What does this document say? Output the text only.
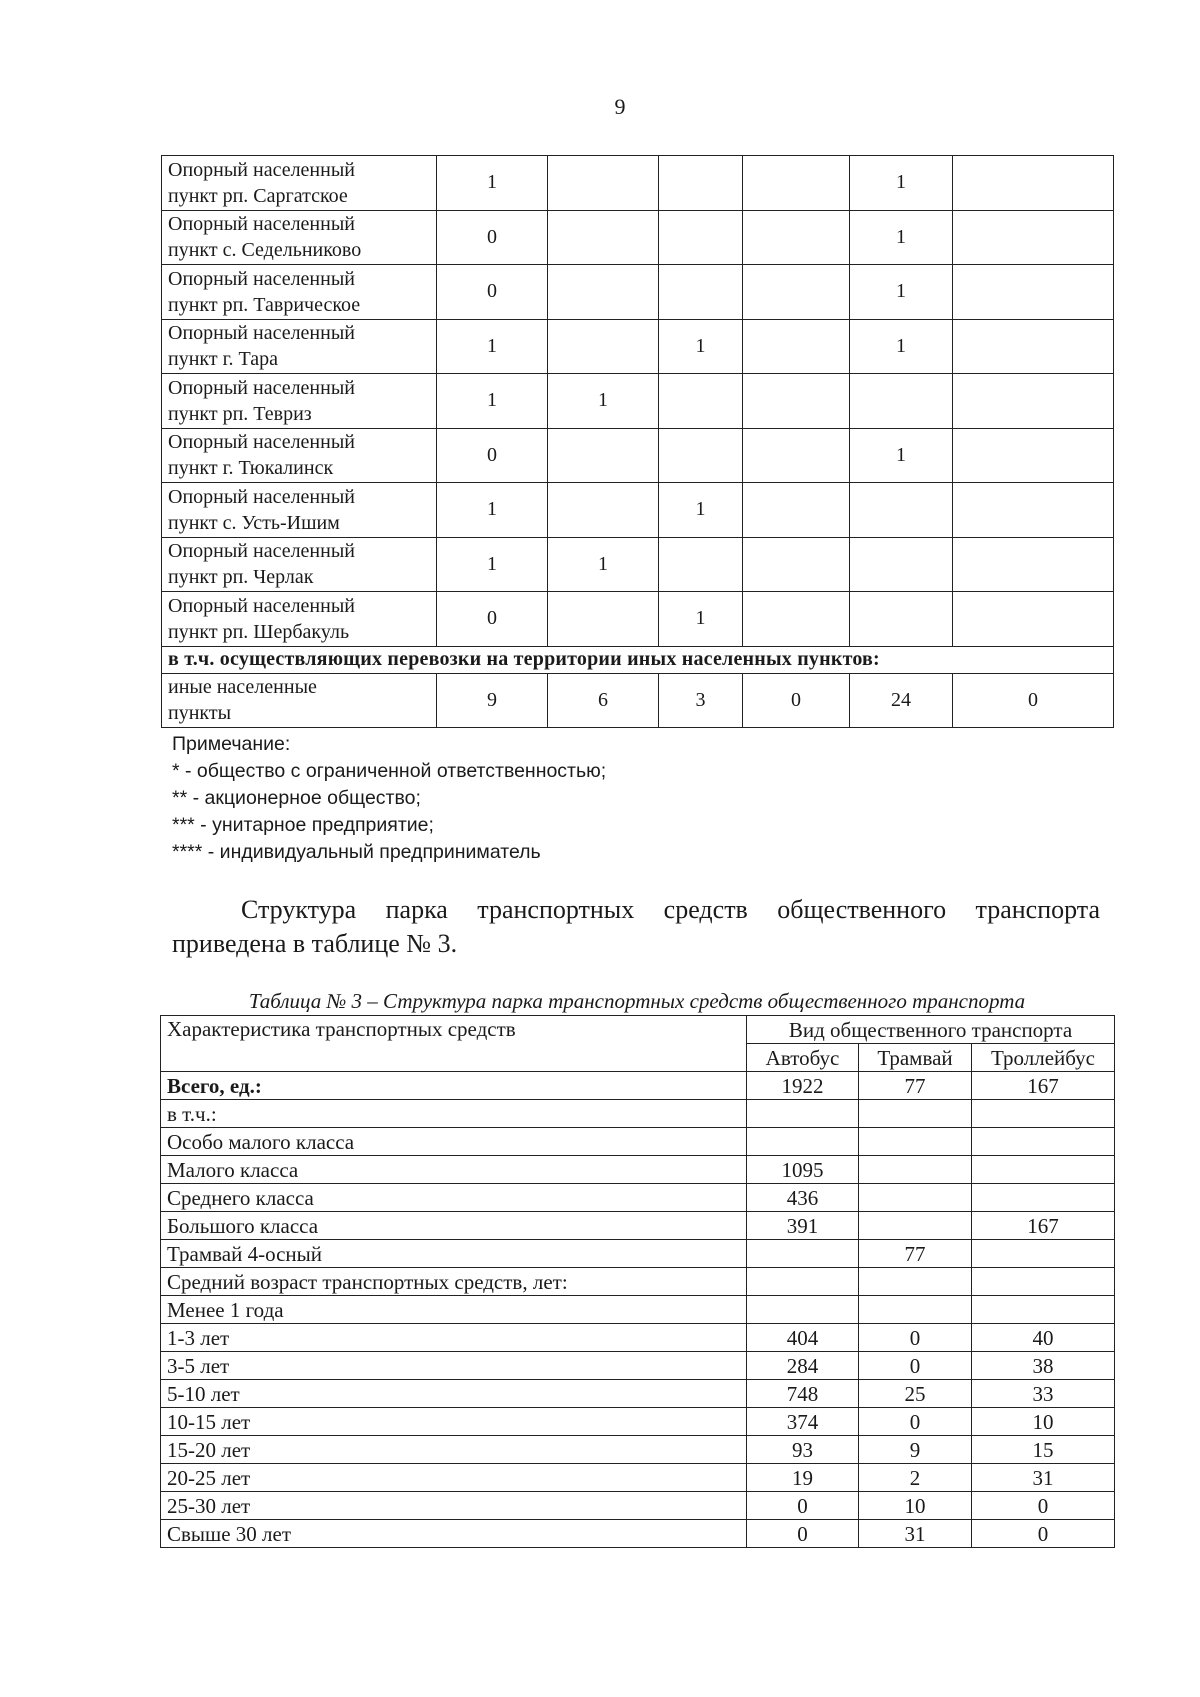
9
Опорный населенный
пункт рп. Саргатское	1				1	

Опорный населенный
пункт с. Седельниково	0				1	

Опорный населенный
пункт рп. Таврическое	0				1	

Опорный населенный
пункт г. Тара	1		1		1	

Опорный населенный
пункт рп. Тевриз	1	1				

Опорный населенный
пункт г. Тюкалинск	0				1	

Опорный населенный
пункт с. Усть-Ишим	1		1			

Опорный населенный
пункт рп. Черлак	1	1				

Опорный населенный
пункт рп. Шербакуль	0		1			
в т.ч. осуществляющих перевозки на территории иных населенных пунктов:						

иные населенные
пункты	9	6	3	0	24	0
Примечание:
* - общество с ограниченной ответственностью;
** - акционерное общество;
*** - унитарное предприятие;
**** - индивидуальный предприниматель
Структура парка транспортных средств общественного транспорта
приведена в таблице № 3.
Таблица № 3 – Структура парка транспортных средств общественного транспорта
Характеристика транспортных средств	Вид общественного транспорта		
	Автобус	Трамвай	Троллейбус
Всего, ед.:	1922	77	167
в т.ч.:			
Особо малого класса			
Малого класса	1095		
Среднего класса	436		
Большого класса	391		167
Трамвай 4-осный		77	
Средний возраст транспортных средств, лет:			
Менее 1 года			
1-3 лет	404	0	40
3-5 лет	284	0	38
5-10 лет	748	25	33
10-15 лет	374	0	10
15-20 лет	93	9	15
20-25 лет	19	2	31
25-30 лет	0	10	0
Свыше 30 лет	0	31	0
